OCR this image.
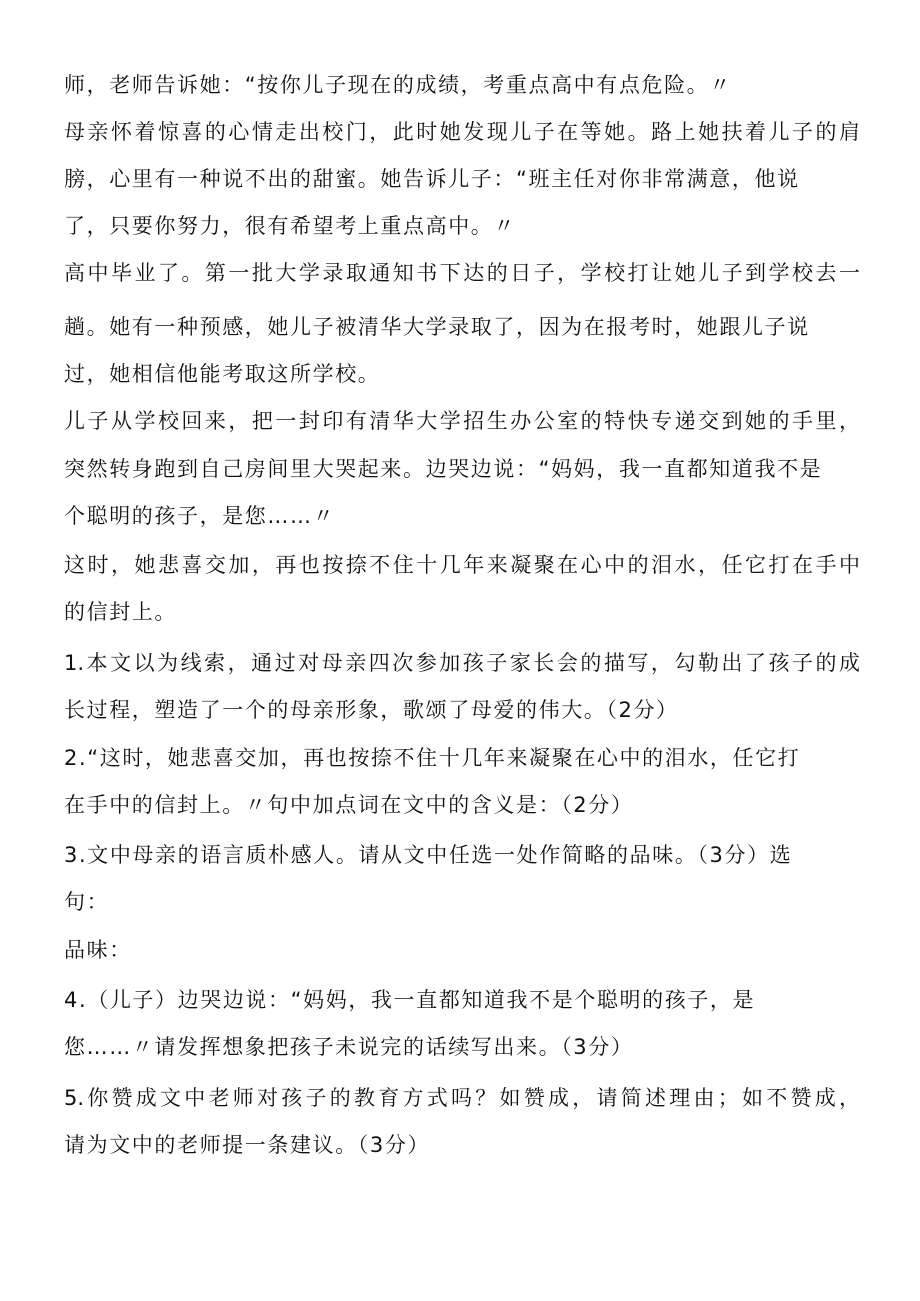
师，老师告诉她：“按你儿子现在的成绩，考重点高中有点危险。〃
母亲怀着惊喜的心情走出校门，此时她发现儿子在等她。路上她扶着儿子的肩
膀，心里有一种说不出的甜蜜。她告诉儿子：“班主任对你非常满意，他说
了，只要你努力，很有希望考上重点高中。〃
高中毕业了。第一批大学录取通知书下达的日子，学校打让她儿子到学校去一
趟。她有一种预感，她儿子被清华大学录取了，因为在报考时，她跟儿子说
过，她相信他能考取这所学校。
儿子从学校回来，把一封印有清华大学招生办公室的特快专递交到她的手里，
突然转身跑到自己房间里大哭起来。边哭边说：“妈妈，我一直都知道我不是
个聪明的孩子，是您……〃
这时，她悲喜交加，再也按捺不住十几年来凝聚在心中的泪水，任它打在手中
的信封上。
1.本文以为线索，通过对母亲四次参加孩子家长会的描写，勾勒出了孩子的成
长过程，塑造了一个的母亲形象，歌颂了母爱的伟大。（2分）
2.“这时，她悲喜交加，再也按捺不住十几年来凝聚在心中的泪水，任它打
在手中的信封上。〃句中加点词在文中的含义是：（2分）
3.文中母亲的语言质朴感人。请从文中任选一处作简略的品味。（3分）选
句：
品味：
4.（儿子）边哭边说：“妈妈，我一直都知道我不是个聪明的孩子，是
您……〃请发挥想象把孩子未说完的话续写出来。（3分）
5.你赞成文中老师对孩子的教育方式吗？如赞成，请简述理由；如不赞成，
请为文中的老师提一条建议。（3分）
